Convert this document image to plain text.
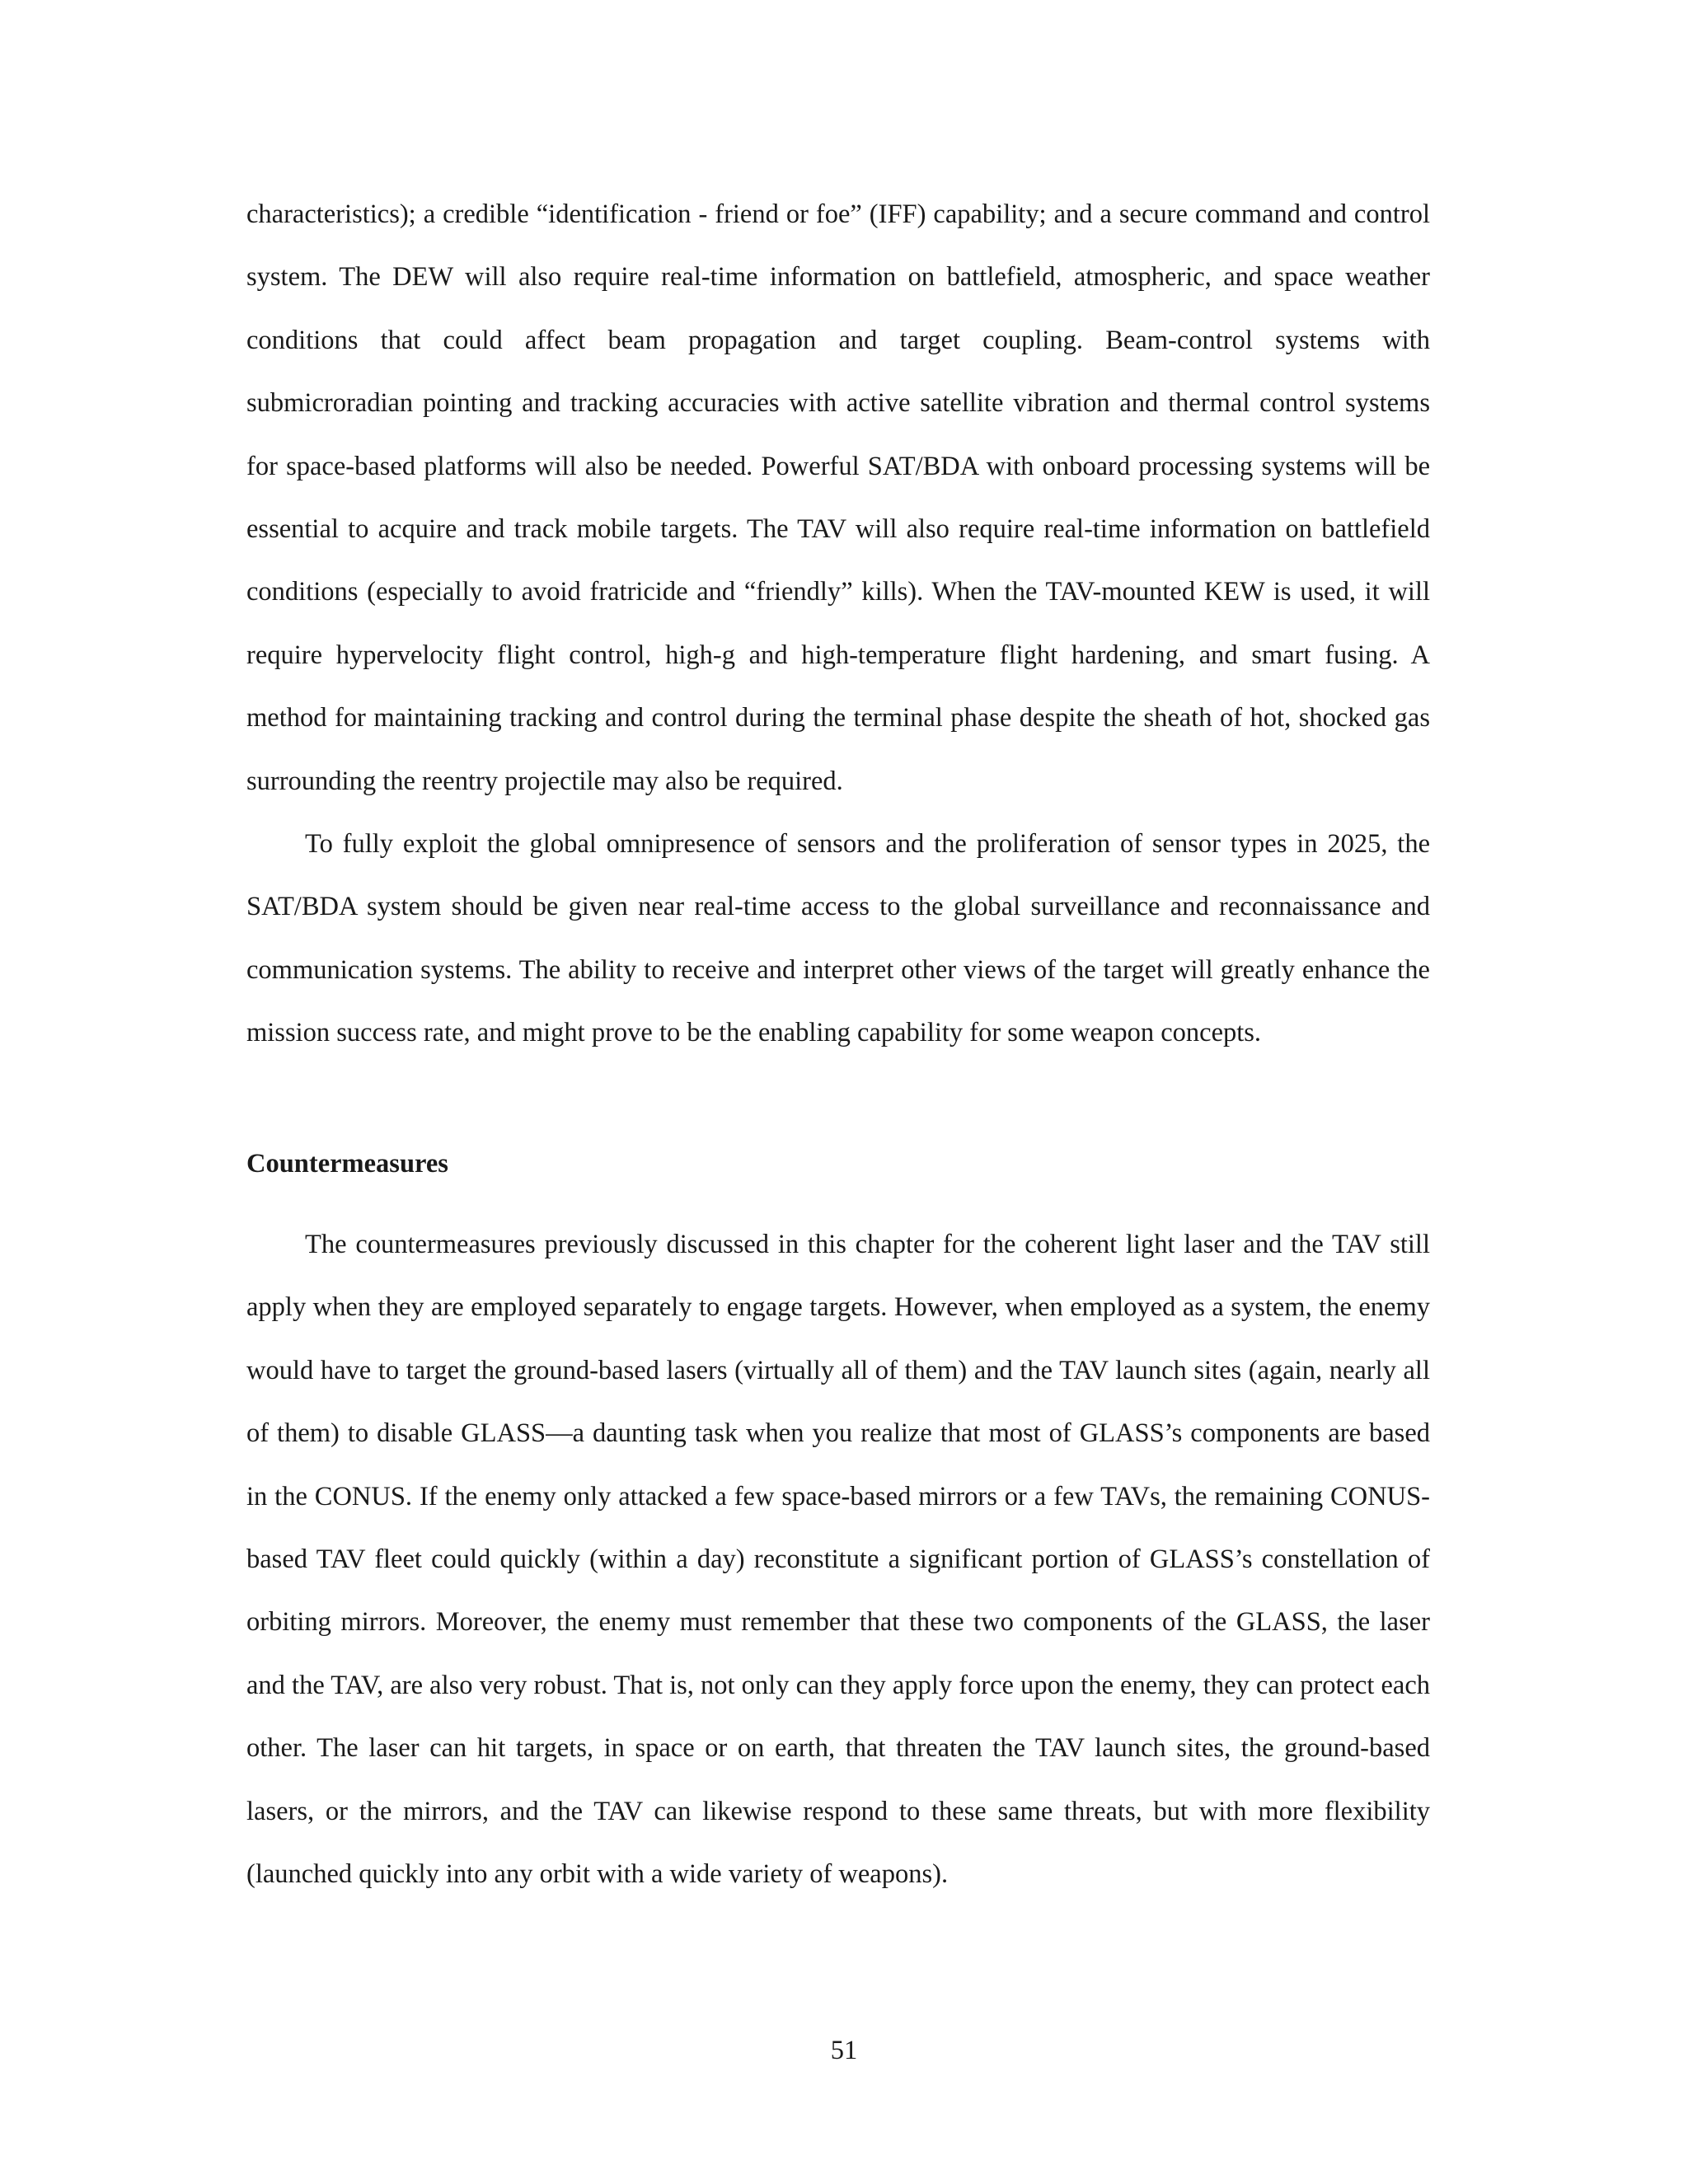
characteristics); a credible “identification - friend or foe” (IFF) capability; and a secure command and control system. The DEW will also require real-time information on battlefield, atmospheric, and space weather conditions that could affect beam propagation and target coupling. Beam-control systems with submicroradian pointing and tracking accuracies with active satellite vibration and thermal control systems for space-based platforms will also be needed. Powerful SAT/BDA with onboard processing systems will be essential to acquire and track mobile targets. The TAV will also require real-time information on battlefield conditions (especially to avoid fratricide and “friendly” kills). When the TAV-mounted KEW is used, it will require hypervelocity flight control, high-g and high-temperature flight hardening, and smart fusing. A method for maintaining tracking and control during the terminal phase despite the sheath of hot, shocked gas surrounding the reentry projectile may also be required.

To fully exploit the global omnipresence of sensors and the proliferation of sensor types in 2025, the SAT/BDA system should be given near real-time access to the global surveillance and reconnaissance and communication systems. The ability to receive and interpret other views of the target will greatly enhance the mission success rate, and might prove to be the enabling capability for some weapon concepts.

Countermeasures

The countermeasures previously discussed in this chapter for the coherent light laser and the TAV still apply when they are employed separately to engage targets. However, when employed as a system, the enemy would have to target the ground-based lasers (virtually all of them) and the TAV launch sites (again, nearly all of them) to disable GLASS—a daunting task when you realize that most of GLASS’s components are based in the CONUS. If the enemy only attacked a few space-based mirrors or a few TAVs, the remaining CONUS-based TAV fleet could quickly (within a day) reconstitute a significant portion of GLASS’s constellation of orbiting mirrors. Moreover, the enemy must remember that these two components of the GLASS, the laser and the TAV, are also very robust. That is, not only can they apply force upon the enemy, they can protect each other. The laser can hit targets, in space or on earth, that threaten the TAV launch sites, the ground-based lasers, or the mirrors, and the TAV can likewise respond to these same threats, but with more flexibility (launched quickly into any orbit with a wide variety of weapons).

51
